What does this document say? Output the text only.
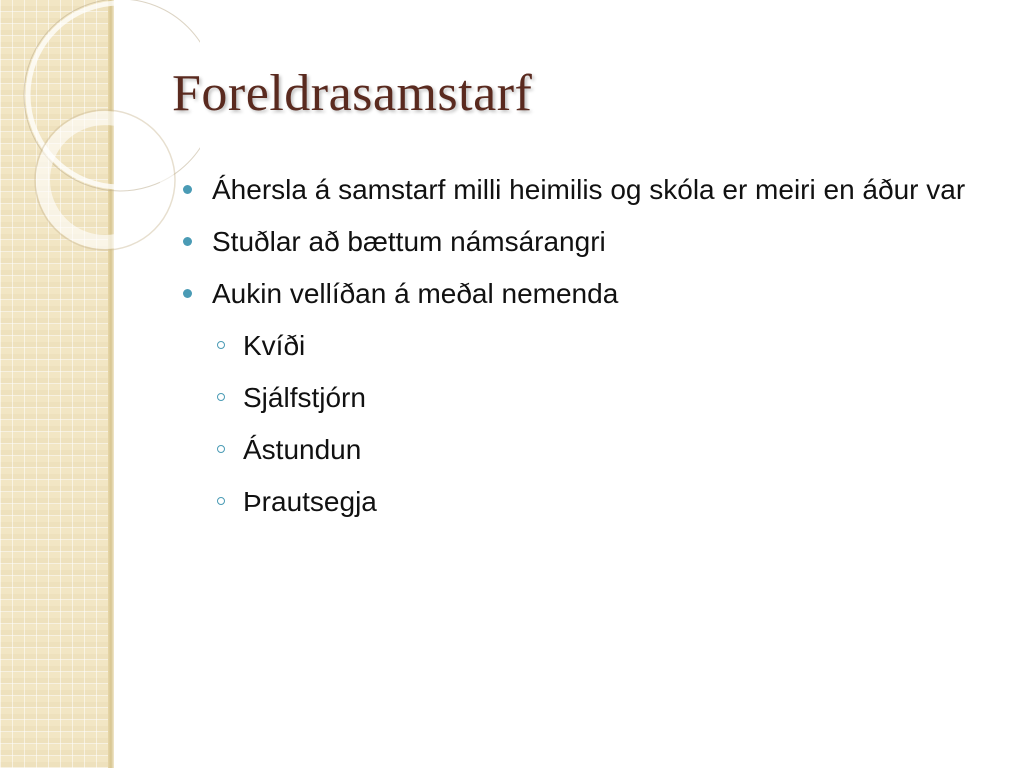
Foreldrasamstarf
Áhersla á samstarf milli heimilis og skóla er meiri en áður var
Stuðlar að bættum námsárangri
Aukin vellíðan á meðal nemenda
Kvíði
Sjálfstjórn
Ástundun
Þrautsegja
